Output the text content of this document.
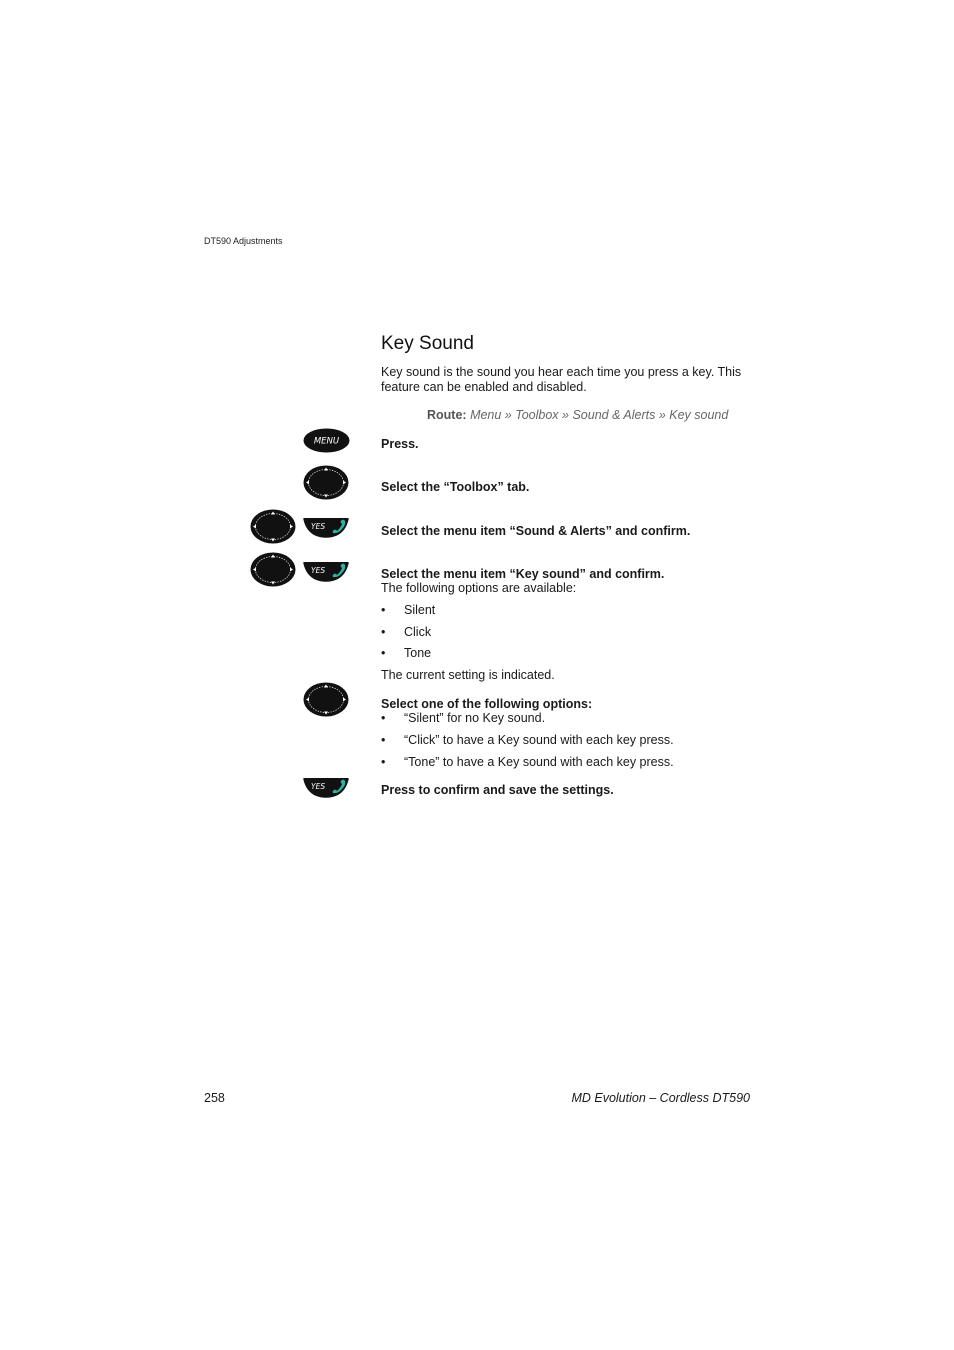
DT590 Adjustments
Key Sound
Key sound is the sound you hear each time you press a key. This feature can be enabled and disabled.
Route: Menu » Toolbox » Sound & Alerts » Key sound
MENU	Press.
Select the “Toolbox” tab.
Select the menu item “Sound & Alerts” and confirm.
Select the menu item “Key sound” and confirm.
The following options are available:
• Silent
• Click
• Tone
The current setting is indicated.
Select one of the following options:
• “Silent” for no Key sound.
• “Click” to have a Key sound with each key press.
• “Tone” to have a Key sound with each key press.
Press to confirm and save the settings.
258	MD Evolution – Cordless DT590
